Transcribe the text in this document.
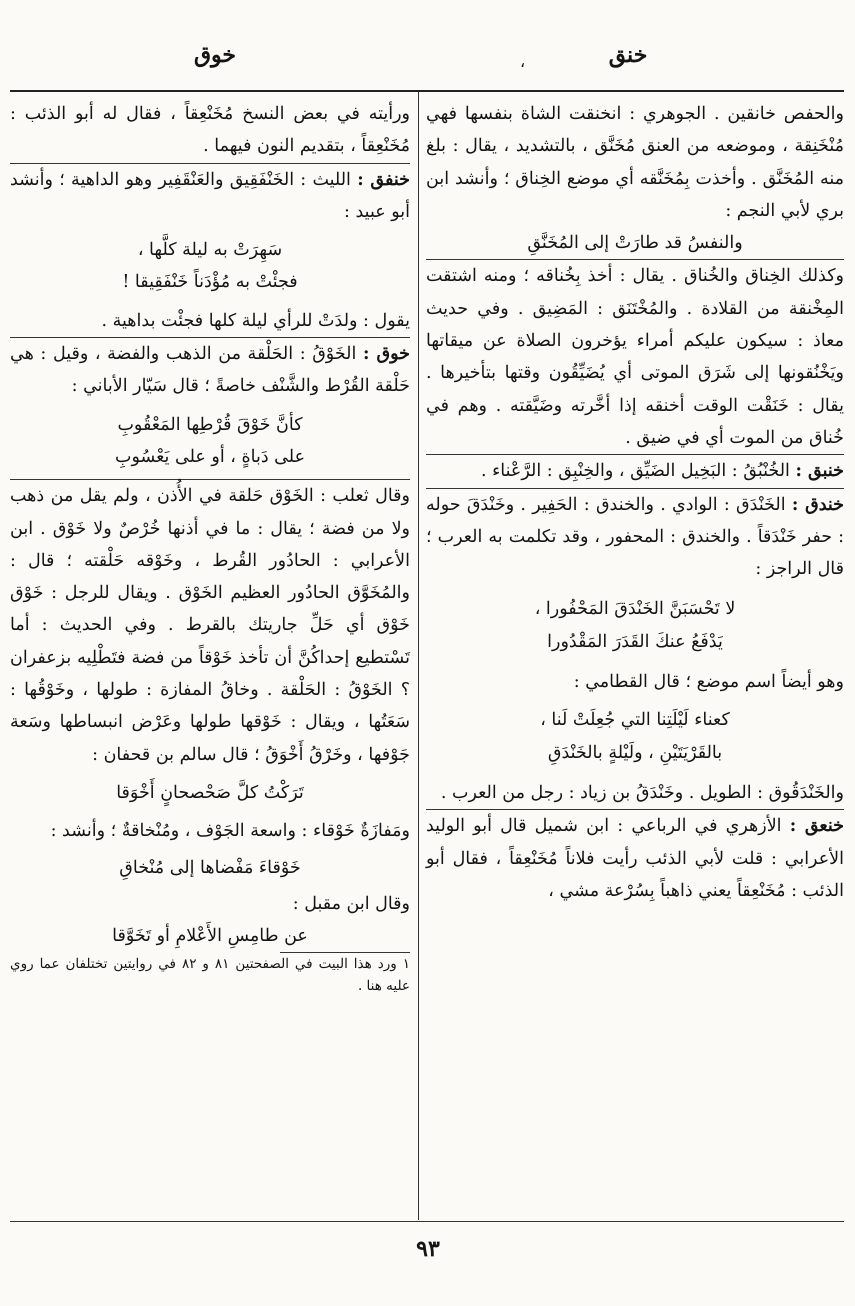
خنق
،
خوق

والحفص خانقين . الجوهري : انخنقت الشاة بنفسها فهي مُنْخَنِقة ، وموضعه من العنق مُخَنَّق ، بالتشديد ، يقال : بلغ منه المُخَنَّق . وأخذت بِمُخَنَّقه أي موضع الخِناق ؛ وأنشد ابن بري لأبي النجم :

والنفسُ قد طارَتْ إلى المُخَنَّقِ

وكذلك الخِناق والخُناق . يقال : أخذ بِخُناقه ؛ ومنه اشتقت المِخْنقة من القلادة . والمُخْتَنَق : المَضِيق . وفي حديث معاذ : سيكون عليكم أمراء يؤخرون الصلاة عن ميقاتها ويَخْنُقونها إلى شَرَق الموتى أي يُضَيِّقُون وقتها بتأخيرها . يقال : خَنَقْت الوقت أخنقه إذا أخَّرته وضَيَّقته . وهم في خُناق من الموت أي في ضيق .

خنبق : الخُنْبُقُ : البَخِيل الضَيِّق ، والخِنْبِق : الرَّعْناء .

خندق : الخَنْدَق : الوادي . والخندق : الحَفِير . وخَنْدَقَ حوله : حفر خَنْدَقاً . والخندق : المحفور ، وقد تكلمت به العرب ؛ قال الراجز :

لا تَحْسَبَنَّ الخَنْدَقَ المَحْفُورا ،
يَدْفَعُ عنكَ القَدَرَ المَقْدُورا

وهو أيضاً اسم موضع ؛ قال القطامي :

كعناء لَيْلَتِنا التي جُعِلَتْ لَنا ،
بالقَرْيَتَيْنِ ، ولَيْلةٍ بالخَنْدَقِ

والخَنْدَقُوق : الطويل . وخَنْدَقُ بن زياد : رجل من العرب .

خنعق : الأزهري في الرباعي : ابن شميل قال أبو الوليد الأعرابي : قلت لأبي الذئب رأيت فلاناً مُخَنْعِقاً ، فقال أبو الذئب : مُخَنْعِقاً يعني ذاهباً بِسُرْعة مشي ،

ورأيته في بعض النسخ مُخَنْعِقاً ، فقال له أبو الذئب : مُخَنْعِقاً ، بتقديم النون فيهما .

خنفق : الليث : الخَنْفَقِيق والعَنْقَفِير وهو الداهية ؛ وأنشد أبو عبيد :

سَهِرَتْ به ليلة كلَّها ،
فجئْتْ به مُؤْدَناً خَنْفَقِيقا !

يقول : ولدَتْ للرأي ليلة كلها فجئْت بداهية .

خوق : الخَوْقُ : الحَلْقة من الذهب والفضة ، وقيل : هي حَلْقة القُرْط والشَّنْف خاصةً ؛ قال سَيّار الأباني :

كأنَّ خَوْقَ قُرْطِها المَعْقُوبِ
على دَباةٍ ، أو على يَعْسُوبِ

وقال ثعلب : الخَوْق حَلقة في الأُذن ، ولم يقل من ذهب ولا من فضة ؛ يقال : ما في أذنها خُرْصٌ ولا خَوْق . ابن الأعرابي : الحادُور القُرط ، وخَوْقه حَلْقته ؛ قال : والمُخَوَّق الحادُور العظيم الخَوْق . ويقال للرجل : خَوْق خَوْق أي حَلِّ جاريتك بالقرط . وفي الحديث : أما تَسْتطيع إحداكُنَّ أن تأخذ خَوْقاً من فضة فتَطْلِيه بزعفران ؟ الخَوْقُ : الحَلْقة . وخاقُ المفازة : طولها ، وخَوْقُها : سَعَتُها ، ويقال : خَوْقها طولها وعَرْض انبساطها وسَعة جَوْفها ، وخَرْقُ أَخْوَقُ ؛ قال سالم بن قحفان :

تَرَكْتُ كلَّ صَحْصحانٍ أَخْوَقا

ومَفازَةٌ خَوْقاء : واسعة الجَوْف ، ومُنْخاقةٌ ؛ وأنشد :

خَوْقاءَ مَفْضاها إلى مُنْخاقِ

وقال ابن مقبل :

عن طامِسِ الأَعْلامِ أو تَخَوَّقا

١ ورد هذا البيت في الصفحتين ٨١ و ٨٢ في روايتين تختلفان عما روي عليه هنا .

٩٣
